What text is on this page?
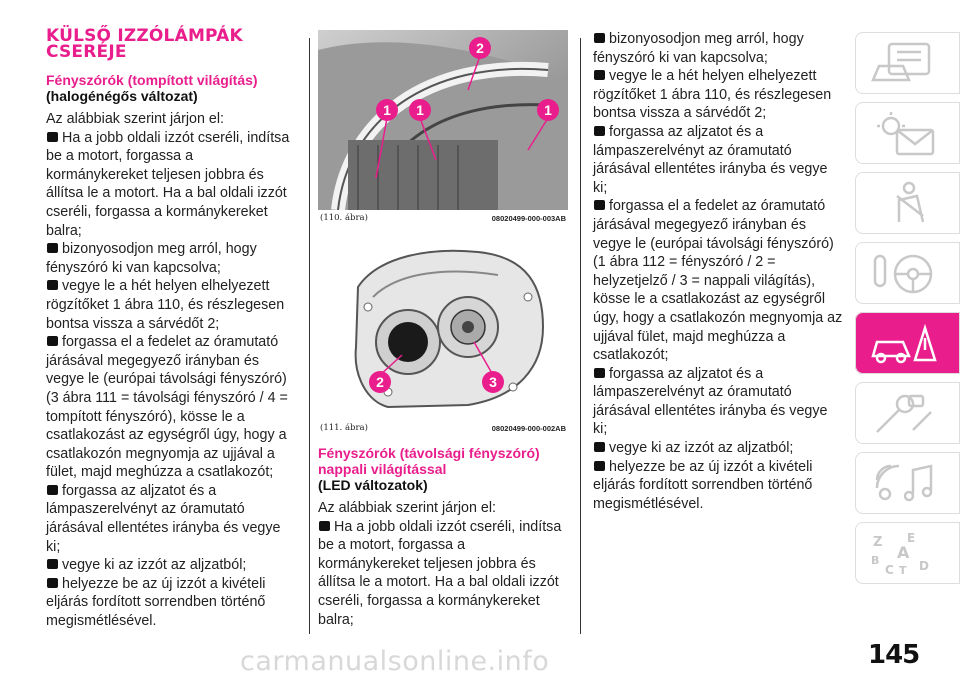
KÜLSŐ IZZÓLÁMPÁK CSERÉJE
Fényszórók (tompított világítás)
(halogénégős változat)

Az alábbiak szerint járjon el:

Ha a jobb oldali izzót cseréli, indítsa be a motort, forgassa a kormánykereket teljesen jobbra és állítsa le a motort. Ha a bal oldali izzót cseréli, forgassa a kormánykereket balra;

bizonyosodjon meg arról, hogy fényszóró ki van kapcsolva;

vegye le a hét helyen elhelyezett rögzítőket 1 ábra 110, és részlegesen bontsa vissza a sárvédőt 2;

forgassa el a fedelet az óramutató járásával megegyező irányban és vegye le (európai távolsági fényszóró) (3 ábra 111 = távolsági fényszóró / 4 = tompított fényszóró), kösse le a csatlakozást az egységről úgy, hogy a csatlakozón megnyomja az ujjával a fület, majd meghúzza a csatlakozót;

forgassa az aljzatot és a lámpaszerelvényt az óramutató járásával ellentétes irányba és vegye ki;

vegye ki az izzót az aljzatból;

helyezze be az új izzót a kivételi eljárás fordított sorrendben történő megismétlésével.

1 1	1
2
(110. ábra)	08020499-000-003AB
2	3
(111. ábra)	08020499-000-002AB
Fényszórók (távolsági fényszóró) nappali világítással
(LED változatok)

Az alábbiak szerint járjon el:

Ha a jobb oldali izzót cseréli, indítsa be a motort, forgassa a kormánykereket teljesen jobbra és állítsa le a motort. Ha a bal oldali izzót cseréli, forgassa a kormánykereket balra;

bizonyosodjon meg arról, hogy fényszóró ki van kapcsolva;

vegye le a hét helyen elhelyezett rögzítőket 1 ábra 110, és részlegesen bontsa vissza a sárvédőt 2;

forgassa az aljzatot és a lámpaszerelvényt az óramutató járásával ellentétes irányba és vegye ki;

forgassa el a fedelet az óramutató járásával megegyező irányban és vegye le (európai távolsági fényszóró) (1 ábra 112 = fényszóró / 2 = helyzetjelző / 3 = nappali világítás), kösse le a csatlakozást az egységről úgy, hogy a csatlakozón megnyomja az ujjával fület, majd meghúzza a csatlakozót;

forgassa az aljzatot és a lámpaszerelvényt az óramutató járásával ellentétes irányba és vegye ki;

vegye ki az izzót az aljzatból;

helyezze be az új izzót a kivételi eljárás fordított sorrendben történő megismétlésével.

Z E
A
B
C T D
carmanualsonline.info	145
